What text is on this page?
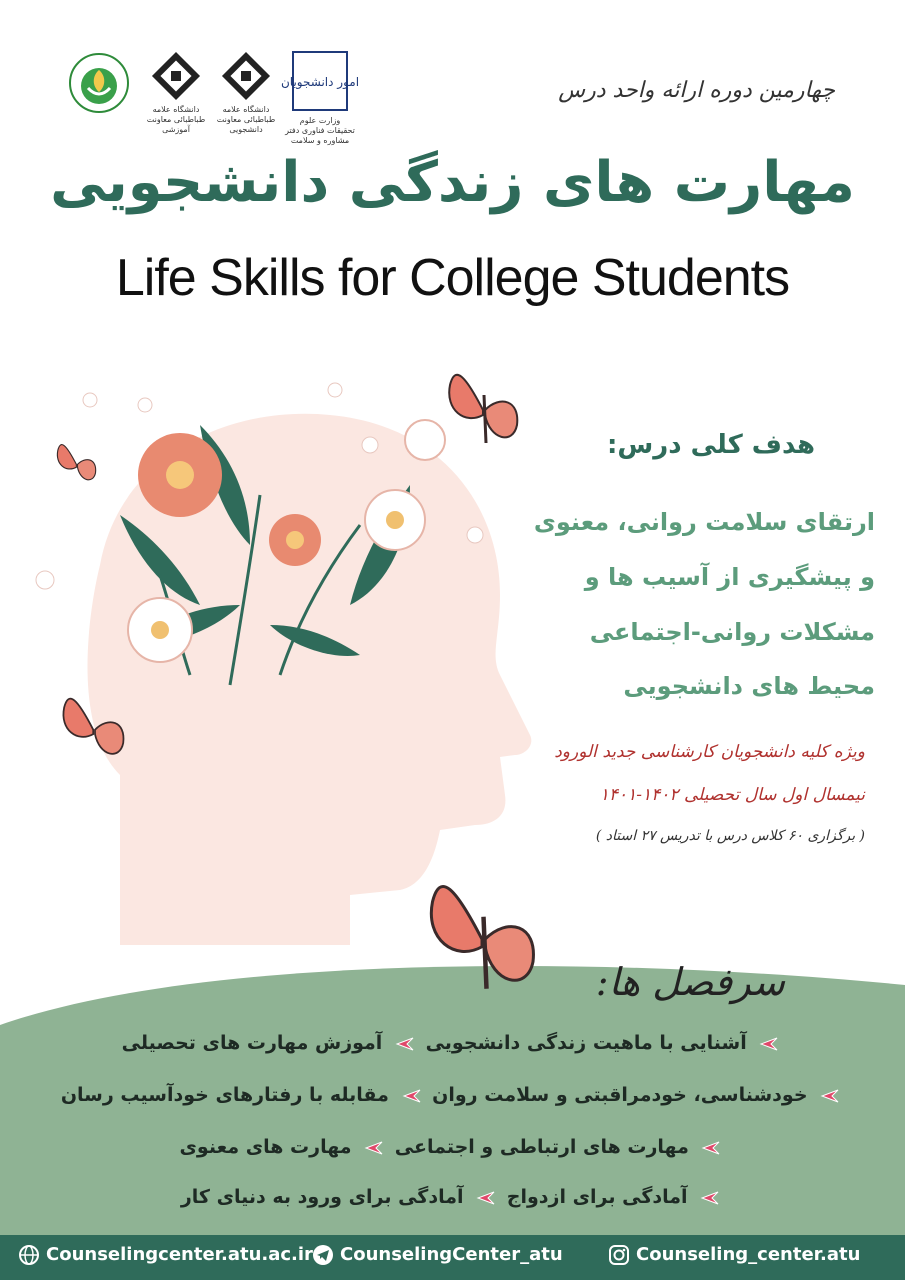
دانشگاه علامه طباطبائی معاونت آموزشی
دانشگاه علامه طباطبائی معاونت دانشجویی
امور دانشجویان
وزارت علوم تحقیقات فناوری دفتر مشاوره و سلامت
چهارمین دوره ارائه واحد درس
مهارت های زندگی دانشجویی
Life Skills for College Students
هدف کلی درس:
ارتقای سلامت روانی، معنوی
و پیشگیری از آسیب ها و
مشکلات روانی-اجتماعی
محیط های دانشجویی
ویژه کلیه دانشجویان کارشناسی جدید الورود
نیمسال اول سال تحصیلی ۱۴۰۲-۱۴۰۱
( برگزاری ۶۰ کلاس درس با تدریس ۲۷ استاد )
سرفصل ها:
آشنایی با ماهیت زندگی دانشجویی  آموزش مهارت های تحصیلی
خودشناسی، خودمراقبتی و سلامت روان  مقابله با رفتارهای خودآسیب رسان
مهارت های ارتباطی و اجتماعی  مهارت های معنوی
آمادگی برای ازدواج  آمادگی برای ورود به دنیای کار
Counselingcenter.atu.ac.ir	CounselingCenter_atu	Counseling_center.atu
